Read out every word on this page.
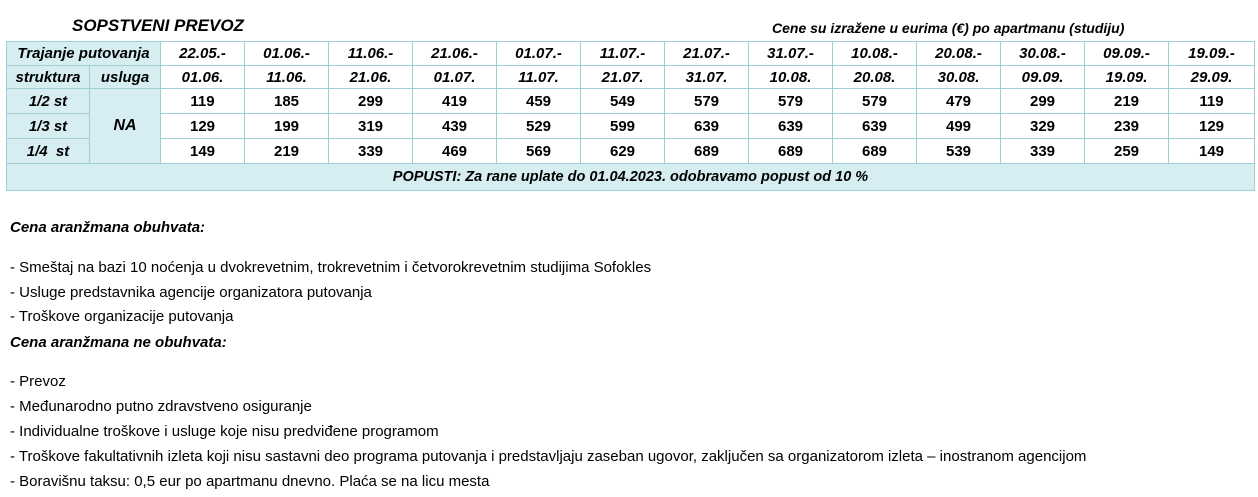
SOPSTVENI PREVOZ	Cene su izražene u eurima (€) po apartmanu (studiju)
Trajanje putovanja		22.05.-	01.06.-	11.06.-	21.06.-	01.07.-	11.07.-	21.07.-	31.07.-	10.08.-	20.08.-	30.08.-	09.09.-	19.09.-
struktura	usluga	01.06.	11.06.	21.06.	01.07.	11.07.	21.07.	31.07.	10.08.	20.08.	30.08.	09.09.	19.09.	29.09.
1/2 st	NA	119	185	299	419	459	549	579	579	579	479	299	219	119
1/3 st		129	199	319	439	529	599	639	639	639	499	329	239	129
1/4  st		149	219	339	469	569	629	689	689	689	539	339	259	149
POPUSTI: Za rane uplate do 01.04.2023. odobravamo popust od 10 %														
Cena aranžmana obuhvata:
- Smeštaj na bazi 10 noćenja u dvokrevetnim, trokrevetnim i četvorokrevetnim studijima Sofokles
- Usluge predstavnika agencije organizatora putovanja
- Troškove organizacije putovanja
Cena aranžmana ne obuhvata:
- Prevoz
- Međunarodno putno zdravstveno osiguranje
- Individualne troškove i usluge koje nisu predviđene programom
- Troškove fakultativnih izleta koji nisu sastavni deo programa putovanja i predstavljaju zaseban ugovor, zaključen sa organizatorom izleta – inostranom agencijom
- Boravišnu taksu: 0,5 eur po apartmanu dnevno. Plaća se na licu mesta
